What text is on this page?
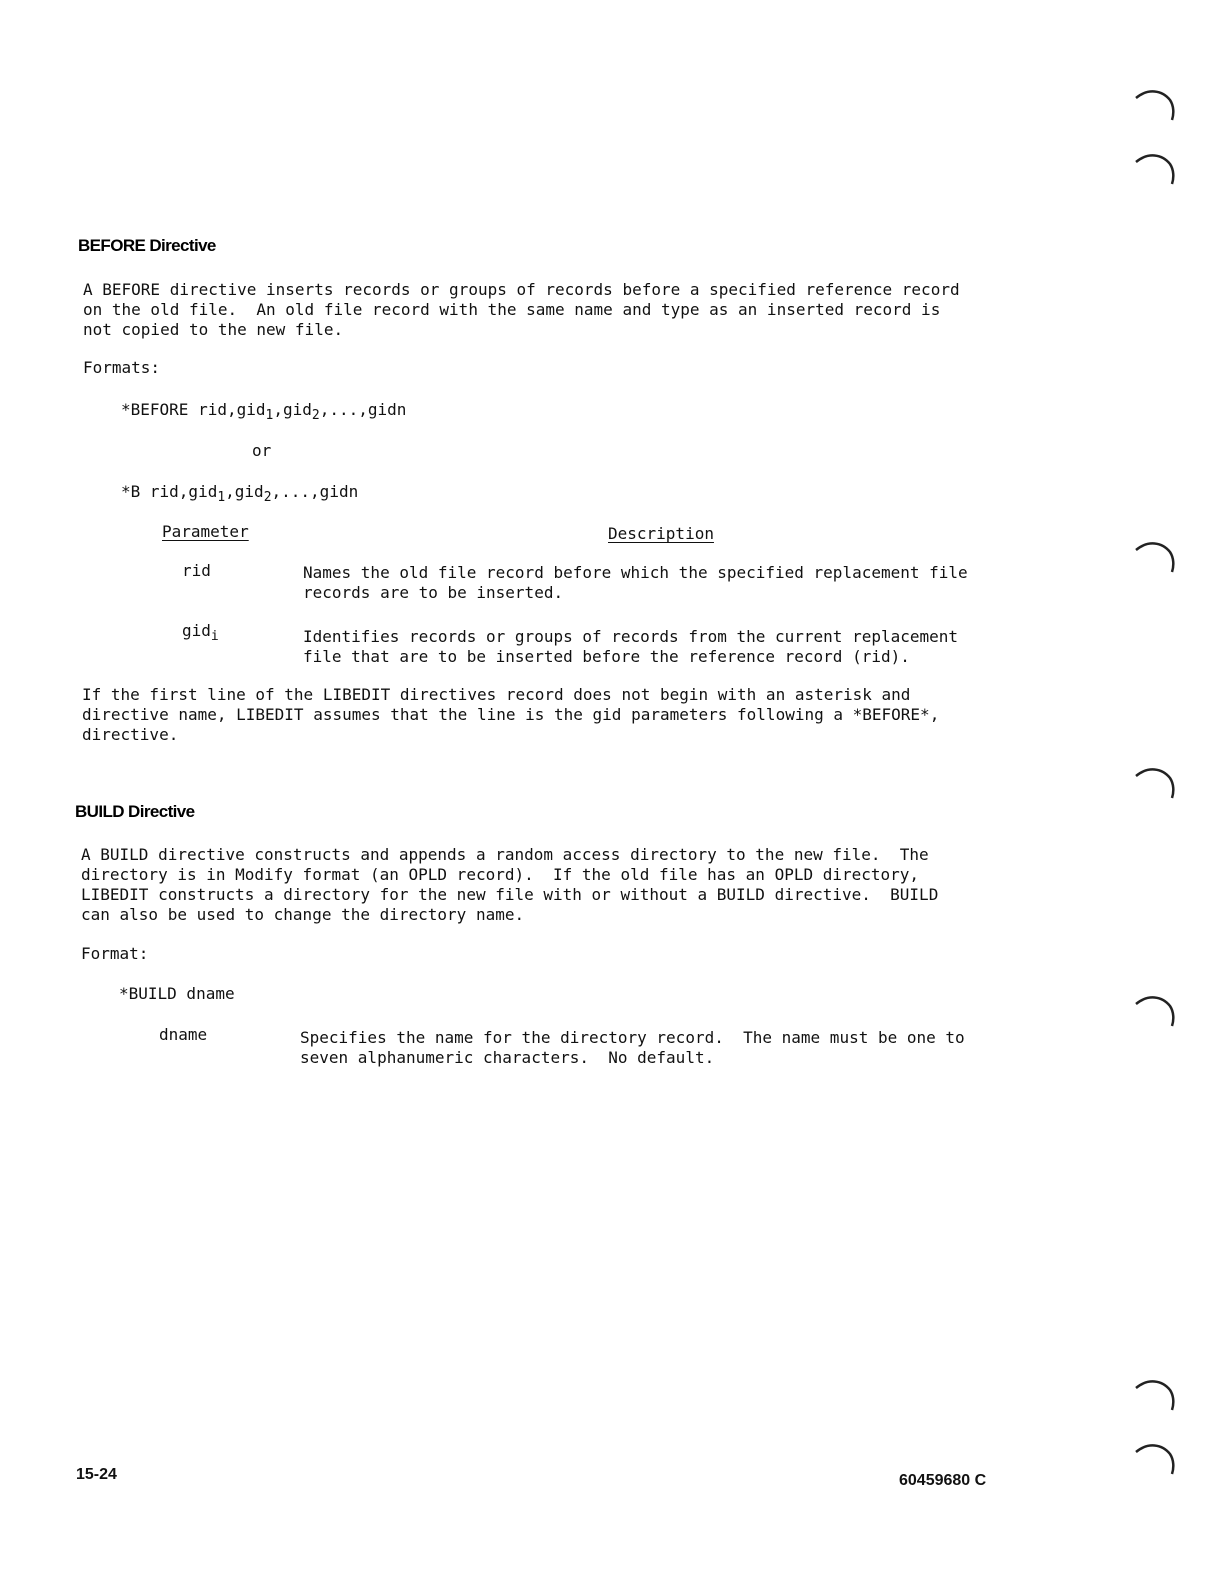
BEFORE Directive
A BEFORE directive inserts records or groups of records before a specified reference record
on the old file.  An old file record with the same name and type as an inserted record is
not copied to the new file.
Formats:
*BEFORE rid,gid$_1$,gid$_2$,...,gidn
or
*B rid,gid$_1$,gid$_2$,...,gidn
Parameter	Description
rid	Names the old file record before which the specified replacement file
records are to be inserted.
gid$_i$	Identifies records or groups of records from the current replacement
file that are to be inserted before the reference record (rid).
If the first line of the LIBEDIT directives record does not begin with an asterisk and
directive name, LIBEDIT assumes that the line is the gid parameters following a *BEFORE*,
directive.
BUILD Directive
A BUILD directive constructs and appends a random access directory to the new file.  The
directory is in Modify format (an OPLD record).  If the old file has an OPLD directory,
LIBEDIT constructs a directory for the new file with or without a BUILD directive.  BUILD
can also be used to change the directory name.
Format:
*BUILD dname
dname	Specifies the name for the directory record.  The name must be one to
seven alphanumeric characters.  No default.
15-24	60459680 C
